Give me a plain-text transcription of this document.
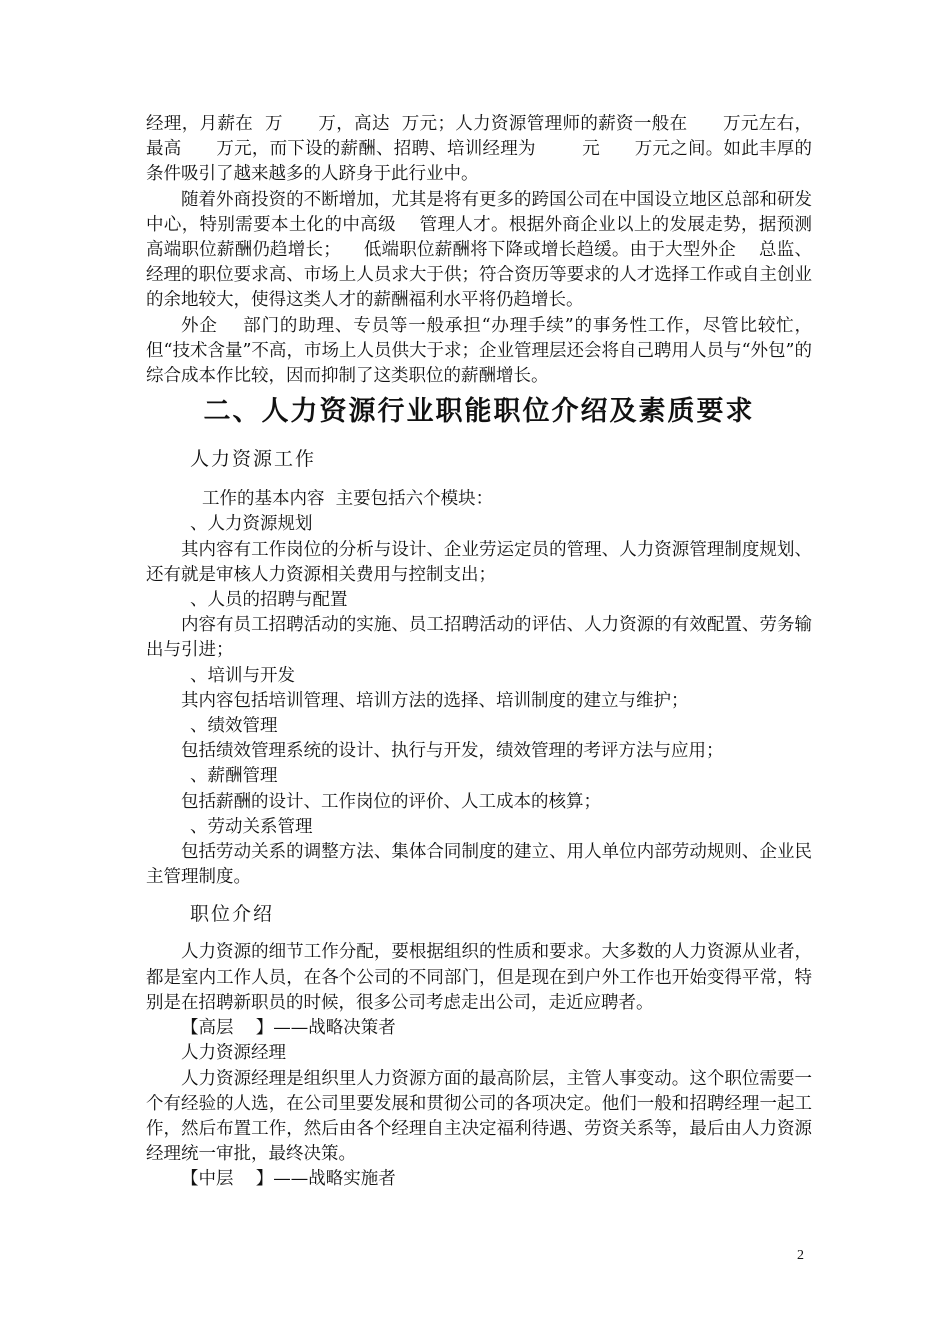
经理，月薪在  万      万，高达  万元；人力资源管理师的薪资一般在      万元左右，最高      万元，而下设的薪酬、招聘、培训经理为        元      万元之间。如此丰厚的条件吸引了越来越多的人跻身于此行业中。

随着外商投资的不断增加，尤其是将有更多的跨国公司在中国设立地区总部和研发中心，特别需要本土化的中高级    管理人才。根据外商企业以上的发展走势，据预测    高端职位薪酬仍趋增长；    低端职位薪酬将下降或增长趋缓。由于大型外企    总监、经理的职位要求高、市场上人员求大于供；符合资历等要求的人才选择工作或自主创业的余地较大，使得这类人才的薪酬福利水平将仍趋增长。

外企    部门的助理、专员等一般承担“办理手续”的事务性工作，尽管比较忙，但“技术含量”不高，市场上人员供大于求；企业管理层还会将自己聘用人员与“外包”的综合成本作比较，因而抑制了这类职位的薪酬增长。

二、人力资源行业职能职位介绍及素质要求
人力资源工作

工作的基本内容  主要包括六个模块：

、人力资源规划

其内容有工作岗位的分析与设计、企业劳运定员的管理、人力资源管理制度规划、还有就是审核人力资源相关费用与控制支出；

、人员的招聘与配置

内容有员工招聘活动的实施、员工招聘活动的评估、人力资源的有效配置、劳务输出与引进；

、培训与开发

其内容包括培训管理、培训方法的选择、培训制度的建立与维护；

、绩效管理

包括绩效管理系统的设计、执行与开发，绩效管理的考评方法与应用；

、薪酬管理

包括薪酬的设计、工作岗位的评价、人工成本的核算；

、劳动关系管理

包括劳动关系的调整方法、集体合同制度的建立、用人单位内部劳动规则、企业民主管理制度。

职位介绍

人力资源的细节工作分配，要根据组织的性质和要求。大多数的人力资源从业者，都是室内工作人员，在各个公司的不同部门，但是现在到户外工作也开始变得平常，特别是在招聘新职员的时候，很多公司考虑走出公司，走近应聘者。

【高层    】——战略决策者

人力资源经理

人力资源经理是组织里人力资源方面的最高阶层，主管人事变动。这个职位需要一个有经验的人选，在公司里要发展和贯彻公司的各项决定。他们一般和招聘经理一起工作，然后布置工作，然后由各个经理自主决定福利待遇、劳资关系等，最后由人力资源经理统一审批，最终决策。

【中层    】——战略实施者

2
